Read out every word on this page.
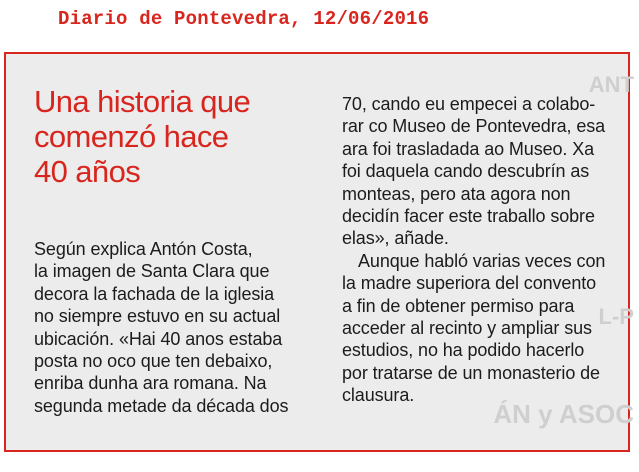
Diario de Pontevedra, 12/06/2016
ANT
L-P
ÁN y ASOC
Una historia que
comenzó hace
40 años
Según explica Antón Costa,
la imagen de Santa Clara que
decora la fachada de la iglesia
no siempre estuvo en su actual
ubicación. «Hai 40 anos estaba
posta no oco que ten debaixo,
enriba dunha ara romana. Na
segunda metade da década dos
70, cando eu empecei a colabo-
rar co Museo de Pontevedra, esa
ara foi trasladada ao Museo. Xa
foi daquela cando descubrín as
monteas, pero ata agora non
decidín facer este traballo sobre
elas», añade.
Aunque habló varias veces con
la madre superiora del convento
a fin de obtener permiso para
acceder al recinto y ampliar sus
estudios, no ha podido hacerlo
por tratarse de un monasterio de
clausura.
